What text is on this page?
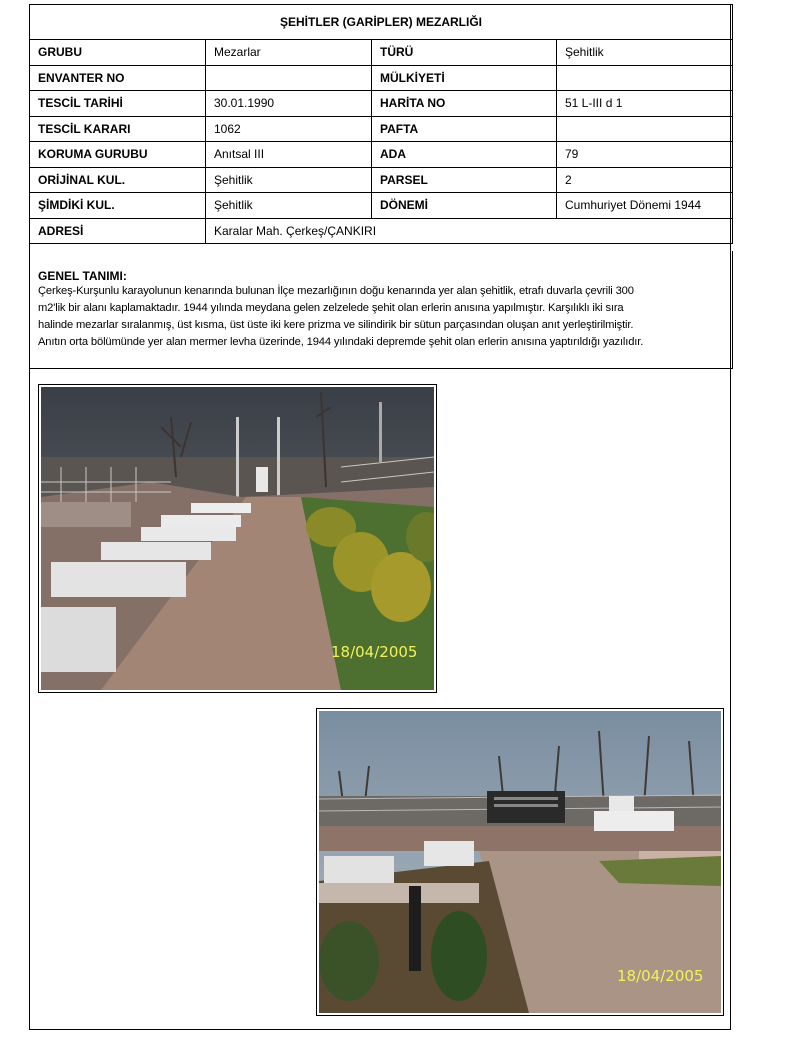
ŞEHİTLER (GARİPLER) MEZARLIĞI			
GRUBU	Mezarlar	TÜRÜ	Şehitlik
ENVANTER NO		MÜLKİYETİ	
TESCİL TARİHİ	30.01.1990	HARİTA NO	51 L-III d 1
TESCİL KARARI	1062	PAFTA	
KORUMA GURUBU	Anıtsal III	ADA	79
ORİJİNAL KUL.	Şehitlik	PARSEL	2
ŞİMDİKİ KUL.	Şehitlik	DÖNEMİ	Cumhuriyet Dönemi 1944
ADRESİ	Karalar Mah. Çerkeş/ÇANKIRI		
GENEL TANIMI:
Çerkeş-Kurşunlu karayolunun kenarında bulunan İlçe mezarlığının doğu kenarında yer alan şehitlik, etrafı duvarla çevrili 300
m2'lik bir alanı kaplamaktadır. 1944 yılında meydana gelen zelzelede şehit olan erlerin anısına yapılmıştır. Karşılıklı iki sıra
halinde mezarlar sıralanmış, üst kısma, üst üste iki kere prizma ve silindirik bir sütun parçasından oluşan anıt yerleştirilmiştir.
Anıtın orta bölümünde yer alan mermer levha üzerinde, 1944 yılındaki depremde şehit olan erlerin anısına yaptırıldığı yazılıdır.
18/04/2005
18/04/2005
